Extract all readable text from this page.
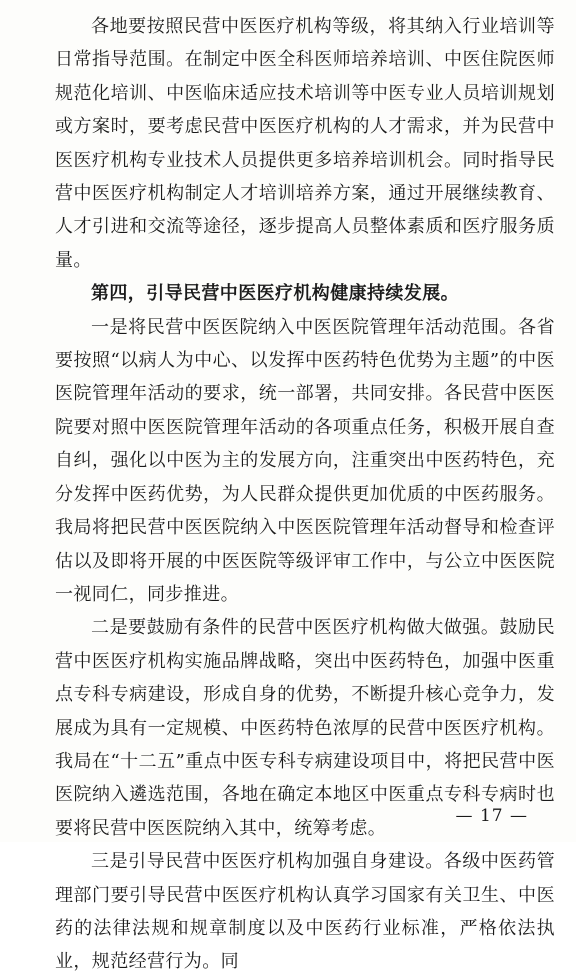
各地要按照民营中医医疗机构等级，将其纳入行业培训等日常指导范围。在制定中医全科医师培养培训、中医住院医师规范化培训、中医临床适应技术培训等中医专业人员培训规划或方案时，要考虑民营中医医疗机构的人才需求，并为民营中医医疗机构专业技术人员提供更多培养培训机会。同时指导民营中医医疗机构制定人才培训培养方案，通过开展继续教育、人才引进和交流等途径，逐步提高人员整体素质和医疗服务质量。

第四，引导民营中医医疗机构健康持续发展。

一是将民营中医医院纳入中医医院管理年活动范围。各省要按照“以病人为中心、以发挥中医药特色优势为主题”的中医医院管理年活动的要求，统一部署，共同安排。各民营中医医院要对照中医医院管理年活动的各项重点任务，积极开展自查自纠，强化以中医为主的发展方向，注重突出中医药特色，充分发挥中医药优势，为人民群众提供更加优质的中医药服务。我局将把民营中医医院纳入中医医院管理年活动督导和检查评估以及即将开展的中医医院等级评审工作中，与公立中医医院一视同仁，同步推进。

二是要鼓励有条件的民营中医医疗机构做大做强。鼓励民营中医医疗机构实施品牌战略，突出中医药特色，加强中医重点专科专病建设，形成自身的优势，不断提升核心竞争力，发展成为具有一定规模、中医药特色浓厚的民营中医医疗机构。我局在“十二五”重点中医专科专病建设项目中，将把民营中医医院纳入遴选范围，各地在确定本地区中医重点专科专病时也要将民营中医医院纳入其中，统筹考虑。

三是引导民营中医医疗机构加强自身建设。各级中医药管理部门要引导民营中医医疗机构认真学习国家有关卫生、中医药的法律法规和规章制度以及中医药行业标准，严格依法执业，规范经营行为。同

— 17 —
